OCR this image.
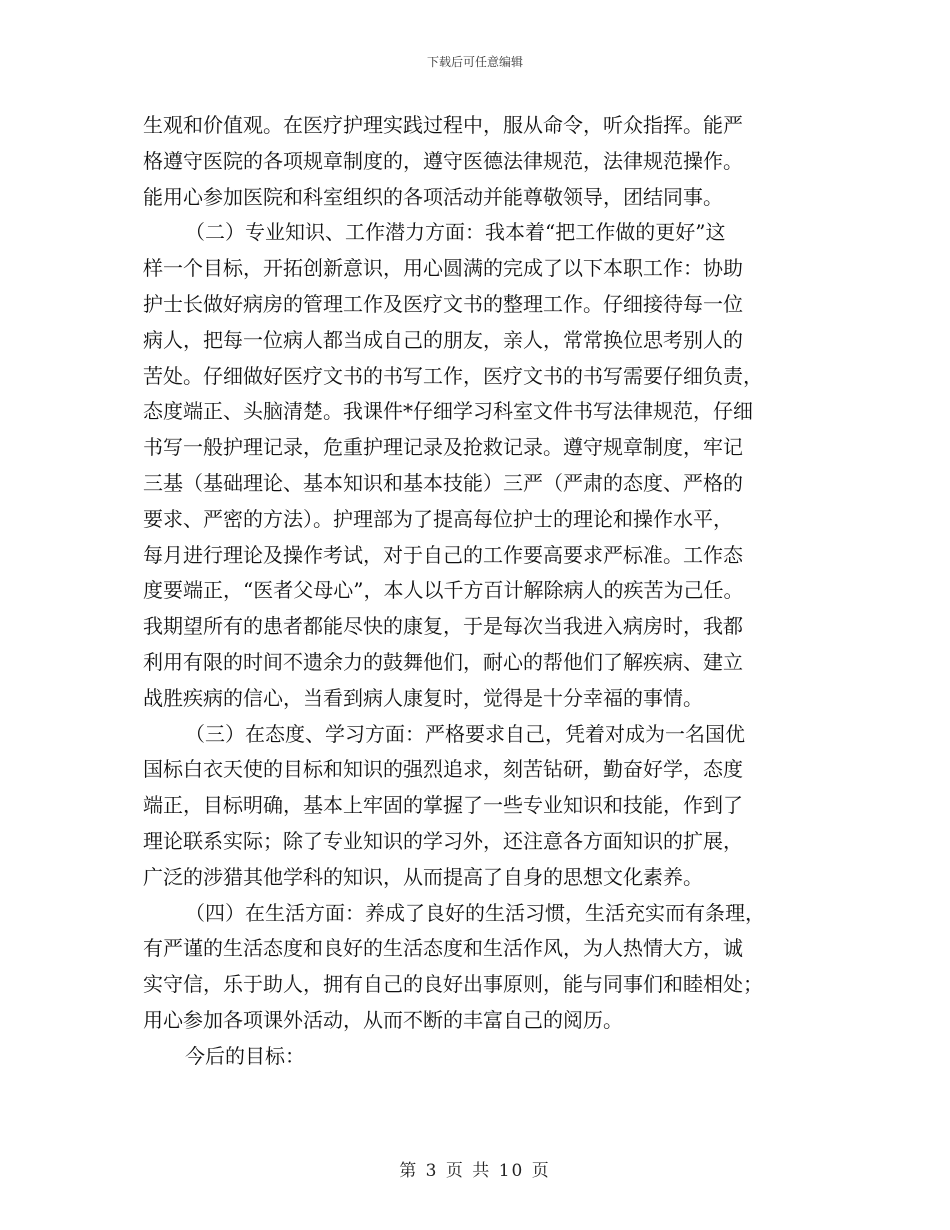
下载后可任意编辑
生观和价值观。在医疗护理实践过程中，服从命令，听众指挥。能严
格遵守医院的各项规章制度的，遵守医德法律规范，法律规范操作。
能用心参加医院和科室组织的各项活动并能尊敬领导，团结同事。
（二）专业知识、工作潜力方面：我本着“把工作做的更好”这
样一个目标，开拓创新意识，用心圆满的完成了以下本职工作：协助
护士长做好病房的管理工作及医疗文书的整理工作。仔细接待每一位
病人，把每一位病人都当成自己的朋友，亲人，常常换位思考别人的
苦处。仔细做好医疗文书的书写工作，医疗文书的书写需要仔细负责，
态度端正、头脑清楚。我课件*仔细学习科室文件书写法律规范，仔细
书写一般护理记录，危重护理记录及抢救记录。遵守规章制度，牢记
三基（基础理论、基本知识和基本技能）三严（严肃的态度、严格的
要求、严密的方法）。护理部为了提高每位护士的理论和操作水平，
每月进行理论及操作考试，对于自己的工作要高要求严标准。工作态
度要端正，“医者父母心”，本人以千方百计解除病人的疾苦为己任。
我期望所有的患者都能尽快的康复，于是每次当我进入病房时，我都
利用有限的时间不遗余力的鼓舞他们，耐心的帮他们了解疾病、建立
战胜疾病的信心，当看到病人康复时，觉得是十分幸福的事情。
（三）在态度、学习方面：严格要求自己，凭着对成为一名国优
国标白衣天使的目标和知识的强烈追求，刻苦钻研，勤奋好学，态度
端正，目标明确，基本上牢固的掌握了一些专业知识和技能，作到了
理论联系实际；除了专业知识的学习外，还注意各方面知识的扩展，
广泛的涉猎其他学科的知识，从而提高了自身的思想文化素养。
（四）在生活方面：养成了良好的生活习惯，生活充实而有条理，
有严谨的生活态度和良好的生活态度和生活作风，为人热情大方，诚
实守信，乐于助人，拥有自己的良好出事原则，能与同事们和睦相处；
用心参加各项课外活动，从而不断的丰富自己的阅历。
今后的目标：
第 3 页 共 10 页
